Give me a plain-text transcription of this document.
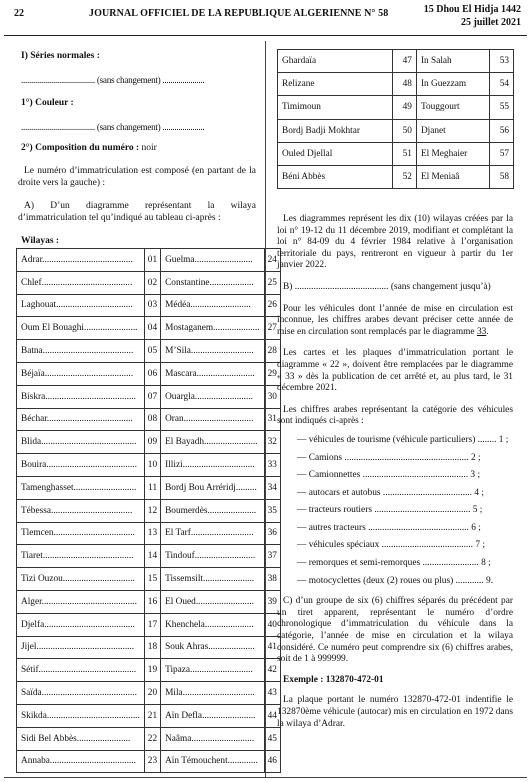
22	JOURNAL OFFICIEL DE LA REPUBLIQUE ALGERIENNE N° 58	15 Dhou El Hidja 1442
25 juillet 2021
I) Séries normales :
..................................... (sans changement) .....................
1°) Couleur :
..................................... (sans changement) .....................
2°) Composition du numéro : noir
Le numéro d’immatriculation est composé (en partant de la droite vers la gauche) :
A) D’un diagramme représentant la wilaya d’immatriculation tel qu’indiqué au tableau ci-après :
Wilayas :
Adrar.......................................	01	Guelma.........................	24
Chlef.......................................	02	Constantine...................	25
Laghouat.................................	03	Médéa..........................	26
Oum El Bouaghi.......................	04	Mostaganem....................	27
Batna.......................................	05	M’Sila...........................	28
Béjaïa......................................	06	Mascara.........................	29
Biskra.......................................	07	Ouargla.........................	30
Béchar.....................................	08	Oran..............................	31
Blida.........................................	09	El Bayadh.......................	32
Bouira.......................................	10	Illizi...............................	33
Tamenghasset...........................	11	Bordj Bou Arréridj.........	34
Tébessa...................................	12	Boumerdès.....................	35
Tlemcen...................................	13	El Tarf...........................	36
Tiaret.......................................	14	Tindouf..........................	37
Tizi Ouzou...............................	15	Tissemsilt......................	38
Alger.........................................	16	El Oued.........................	39
Djelfa.......................................	17	Khenchela.....................	40
Jijel..........................................	18	Souk Ahras....................	41
Sétif..........................................	19	Tipaza...........................	42
Saïda.........................................	20	Mila...............................	43
Skikda........................................	21	Aïn Defla.......................	44
Sidi Bel Abbès.......................	22	Naâma...........................	45
Annaba.....................................	23	Aïn Témouchent.............	46
Ghardaïa	47	In Salah	53
Relizane	48	In Guezzam	54
Timimoun	49	Touggourt	55
Bordj Badji Mokhtar	50	Djanet	56
Ouled Djellal	51	El Meghaier	57
Béni Abbès	52	El Meniaâ	58

Les diagrammes représent les dix (10) wilayas créées par la loi n° 19-12 du 11 décembre 2019, modifiant et complétant la loi n° 84-09 du 4 février 1984 relative à l’organisation territoriale du pays, rentreront en vigueur à partir du 1er janvier 2022.

B) ........................................ (sans changement jusqu’à)

Pour les véhicules dont l’année de mise en circulation est inconnue, les chiffres arabes devant préciser cette année de mise en circulation sont remplacés par le diagramme 33.

Les cartes et les plaques d’immatriculation portant le diagramme « 22 », doivent être remplacées par le diagramme « 33 » dès la publication de cet arrêté et, au plus tard, le 31 décembre 2021.

Les chiffres arabes représentant la catégorie des véhicules sont indiqués ci-après :

— véhicules de tourisme (véhicule particuliers) ........ 1 ;
— Camions ..................................................... 2 ;
— Camionnettes ............................................. 3 ;
— autocars et autobus ...................................... 4 ;
— tracteurs routiers ......................................... 5 ;
— autres tracteurs ........................................... 6 ;
— véhicules spéciaux ....................................... 7 ;
— remorques et semi-remorques ........................ 8 ;
— motocyclettes (deux (2) roues ou plus) ............ 9.

C) d’un groupe de six (6) chiffres séparés du précédent par un tiret apparent, représentant le numéro d’ordre chronologique d’immatriculation du véhicule dans la catégorie, l’année de mise en circulation et la wilaya considéré. Ce numéro peut comprendre six (6) chiffres arabes, soit de 1 à 999999.

Exemple : 132870-472-01

La plaque portant le numéro 132870-472-01 indentifie le 132870ème véhicule (autocar) mis en circulation en 1972 dans la wilaya d’Adrar.
